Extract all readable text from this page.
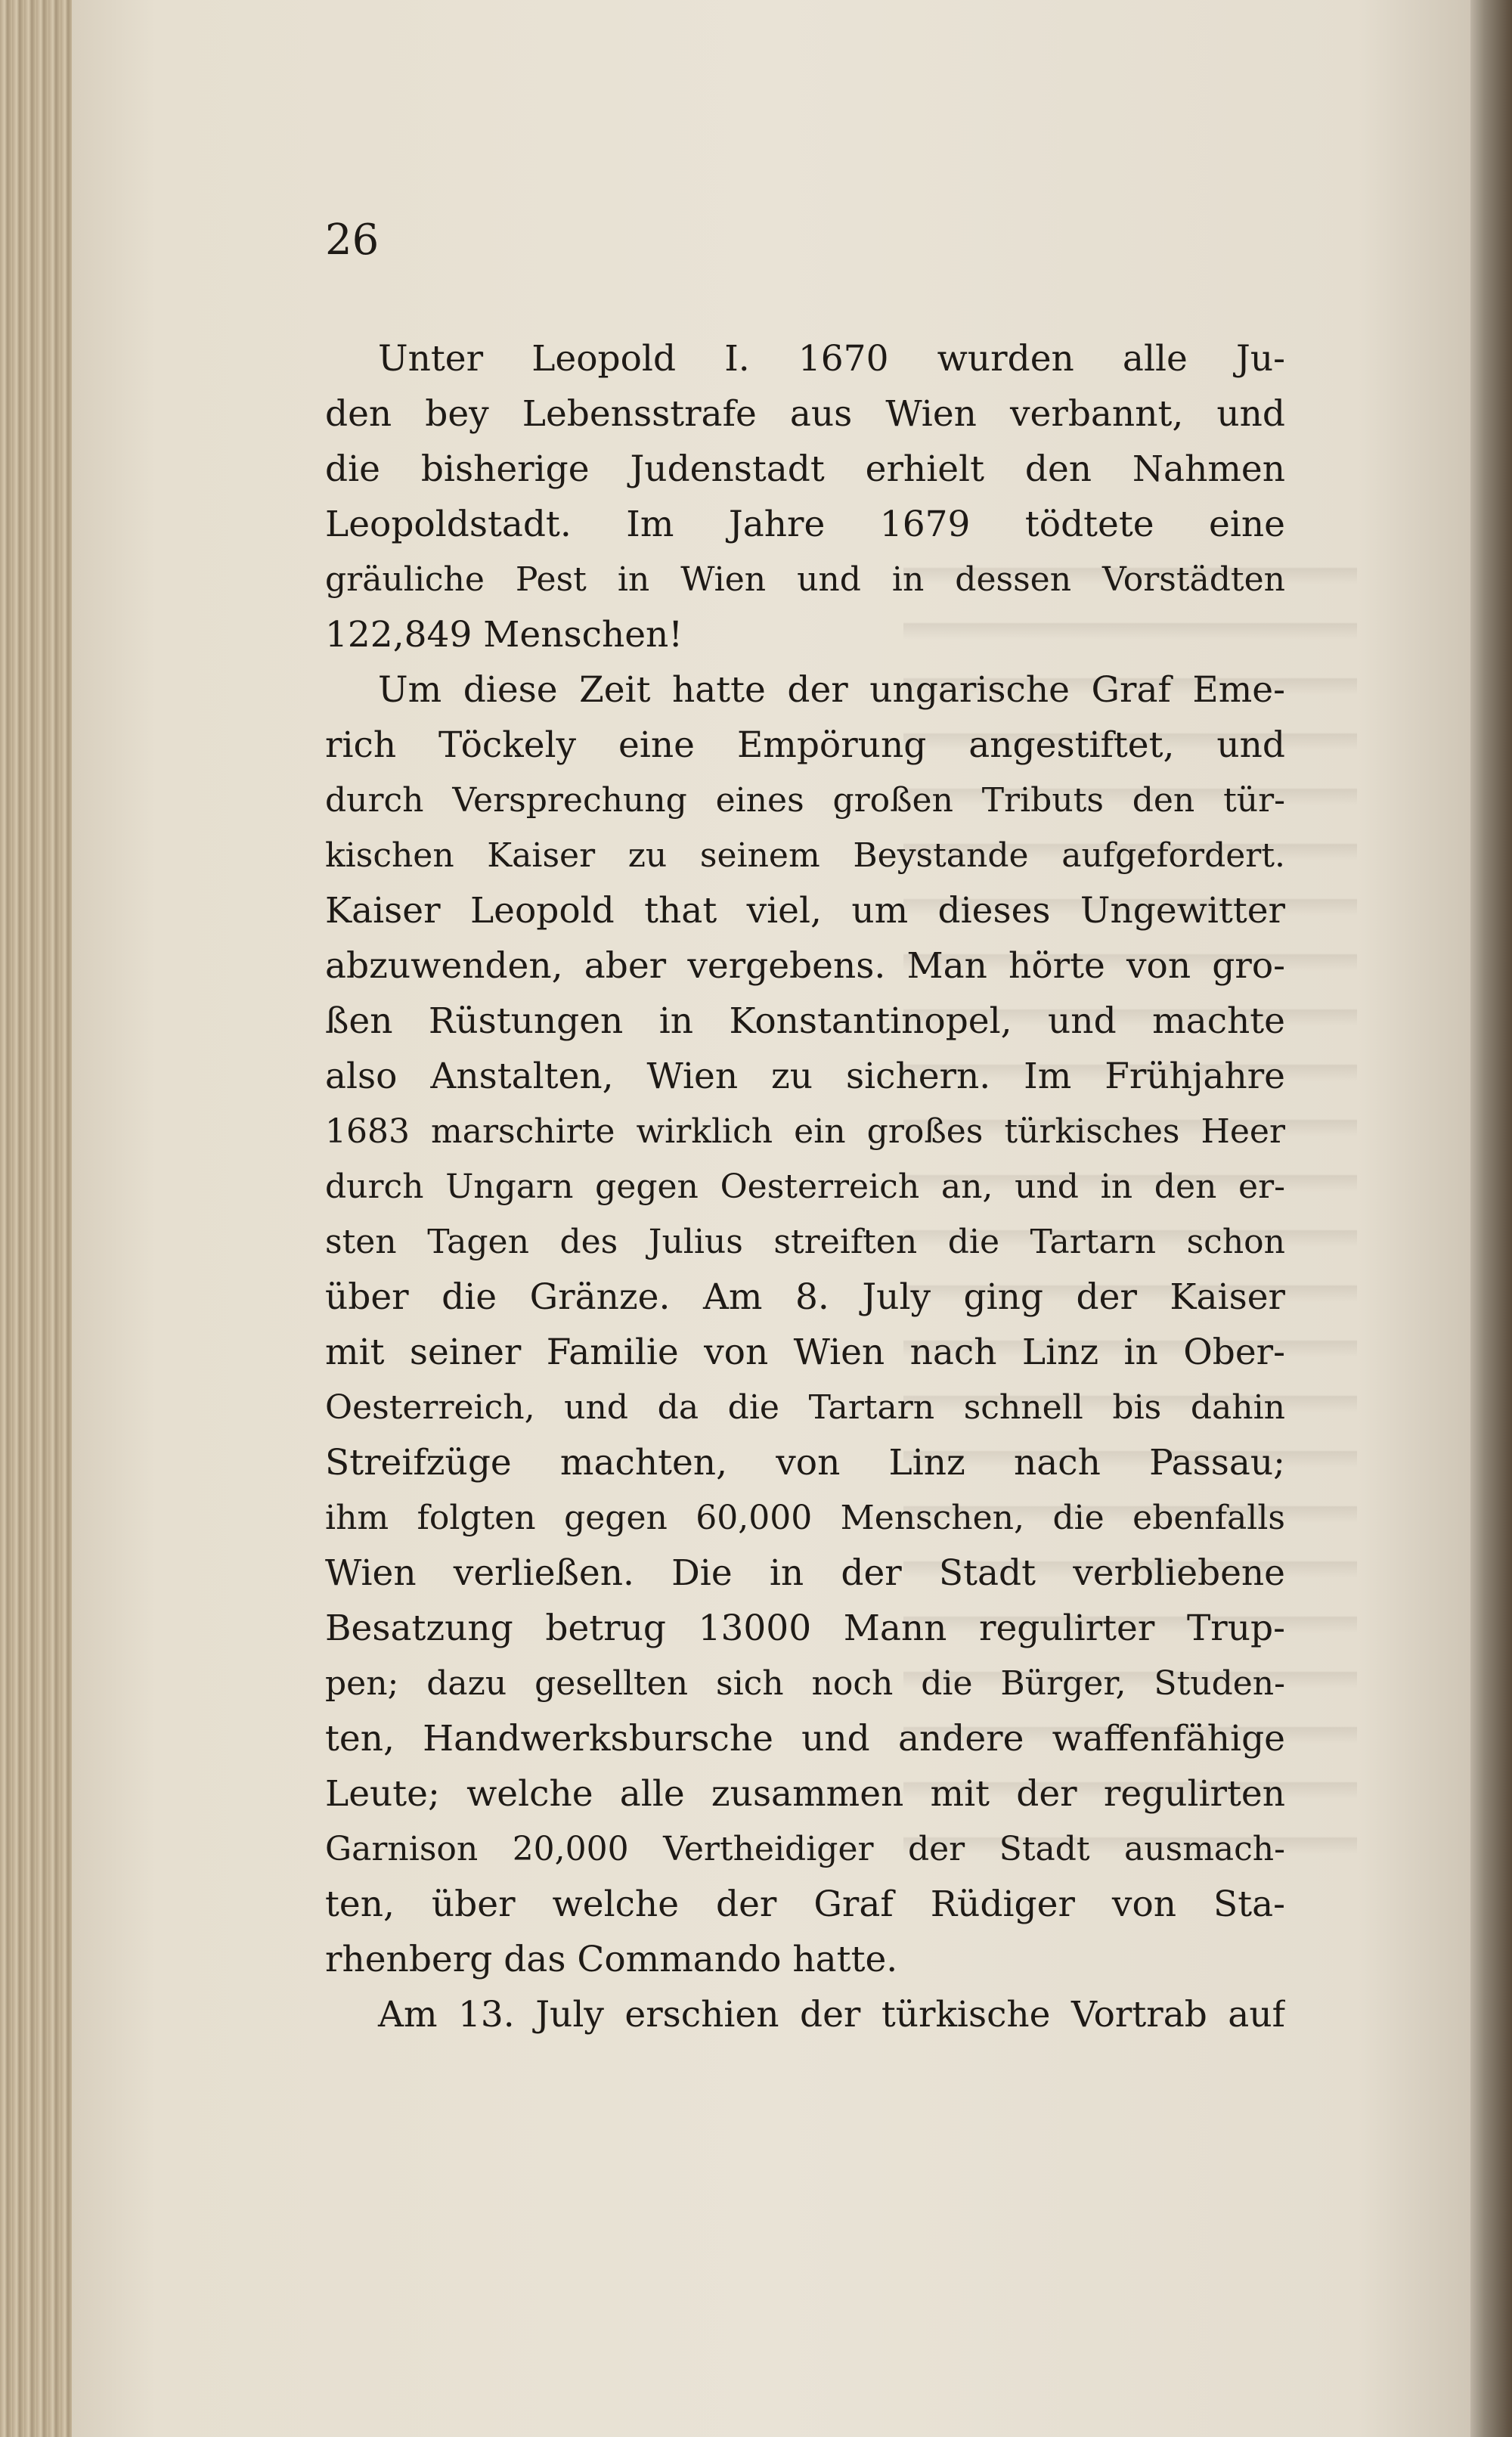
26
Unter Leopold I. 1670 wurden alle Ju-
den bey Lebensstrafe aus Wien verbannt, und
die bisherige Judenstadt erhielt den Nahmen
Leopoldstadt. Im Jahre 1679 tödtete eine
gräuliche Pest in Wien und in dessen Vorstädten
122,849 Menschen!
Um diese Zeit hatte der ungarische Graf Eme-
rich Töckely eine Empörung angestiftet, und
durch Versprechung eines großen Tributs den tür-
kischen Kaiser zu seinem Beystande aufgefordert.
Kaiser Leopold that viel, um dieses Ungewitter
abzuwenden, aber vergebens. Man hörte von gro-
ßen Rüstungen in Konstantinopel, und machte
also Anstalten, Wien zu sichern. Im Frühjahre
1683 marschirte wirklich ein großes türkisches Heer
durch Ungarn gegen Oesterreich an, und in den er-
sten Tagen des Julius streiften die Tartarn schon
über die Gränze. Am 8. July ging der Kaiser
mit seiner Familie von Wien nach Linz in Ober-
Oesterreich, und da die Tartarn schnell bis dahin
Streifzüge machten, von Linz nach Passau;
ihm folgten gegen 60,000 Menschen, die ebenfalls
Wien verließen. Die in der Stadt verbliebene
Besatzung betrug 13000 Mann regulirter Trup-
pen; dazu gesellten sich noch die Bürger, Studen-
ten, Handwerksbursche und andere waffenfähige
Leute; welche alle zusammen mit der regulirten
Garnison 20,000 Vertheidiger der Stadt ausmach-
ten, über welche der Graf Rüdiger von Sta-
rhenberg das Commando hatte.
Am 13. July erschien der türkische Vortrab auf
